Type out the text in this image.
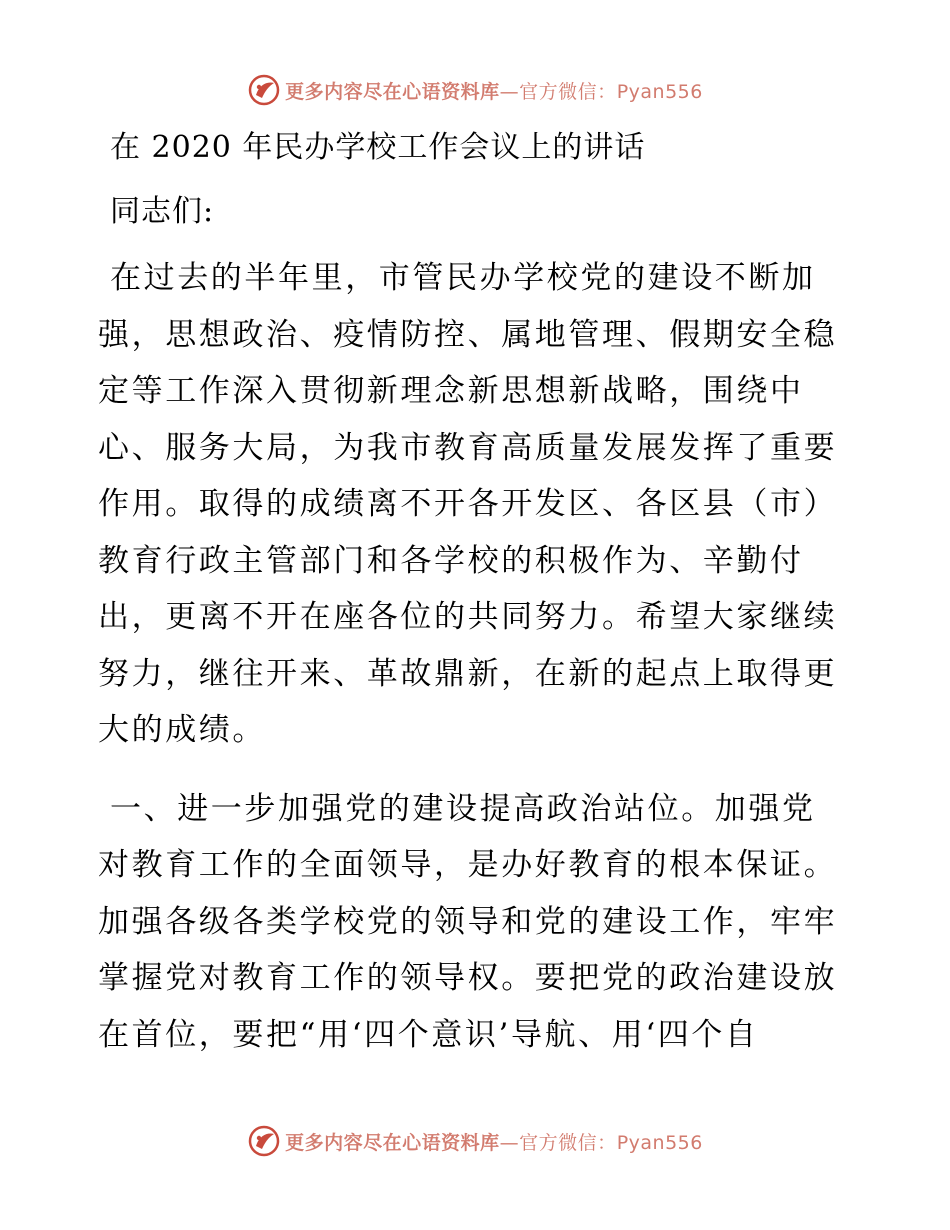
更多内容尽在心语资料库—官方微信：Pyan556
在 2020 年民办学校工作会议上的讲话

同志们:

在过去的半年里，市管民办学校党的建设不断加
强，思想政治、疫情防控、属地管理、假期安全稳
定等工作深入贯彻新理念新思想新战略，围绕中
心、服务大局，为我市教育高质量发展发挥了重要
作用。取得的成绩离不开各开发区、各区县（市）
教育行政主管部门和各学校的积极作为、辛勤付
出，更离不开在座各位的共同努力。希望大家继续
努力，继往开来、革故鼎新，在新的起点上取得更
大的成绩。

一、进一步加强党的建设提高政治站位。加强党
对教育工作的全面领导，是办好教育的根本保证。
加强各级各类学校党的领导和党的建设工作，牢牢
掌握党对教育工作的领导权。要把党的政治建设放
在首位，要把“用‘四个意识’导航、用‘四个自

更多内容尽在心语资料库—官方微信：Pyan556
